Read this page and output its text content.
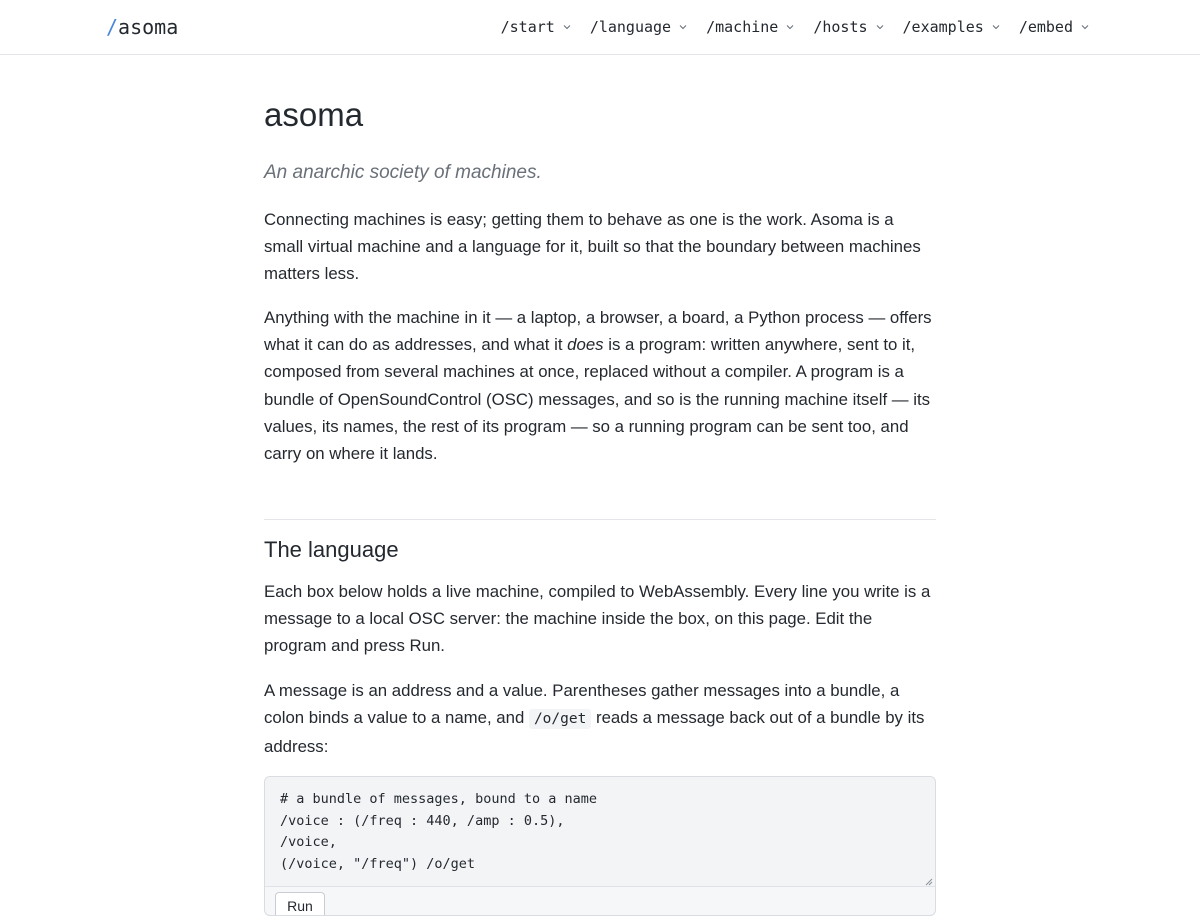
/asoma	/start /language /machine /hosts /examples /embed
asoma

An anarchic society of machines.

Connecting machines is easy; getting them to behave as one is the work. Asoma is a small virtual machine and a language for it, built so that the boundary between machines matters less.

Anything with the machine in it — a laptop, a browser, a board, a Python process — offers what it can do as addresses, and what it does is a program: written anywhere, sent to it, composed from several machines at once, replaced without a compiler. A program is a bundle of OpenSoundControl (OSC) messages, and so is the running machine itself — its values, its names, the rest of its program — so a running program can be sent too, and carry on where it lands.

The language

Each box below holds a live machine, compiled to WebAssembly. Every line you write is a message to a local OSC server: the machine inside the box, on this page. Edit the program and press Run.

A message is an address and a value. Parentheses gather messages into a bundle, a colon binds a value to a name, and /o/get reads a message back out of a bundle by its address:

# a bundle of messages, bound to a name
/voice : (/freq : 440, /amp : 0.5),
/voice,
(/voice, "/freq") /o/get
Run
